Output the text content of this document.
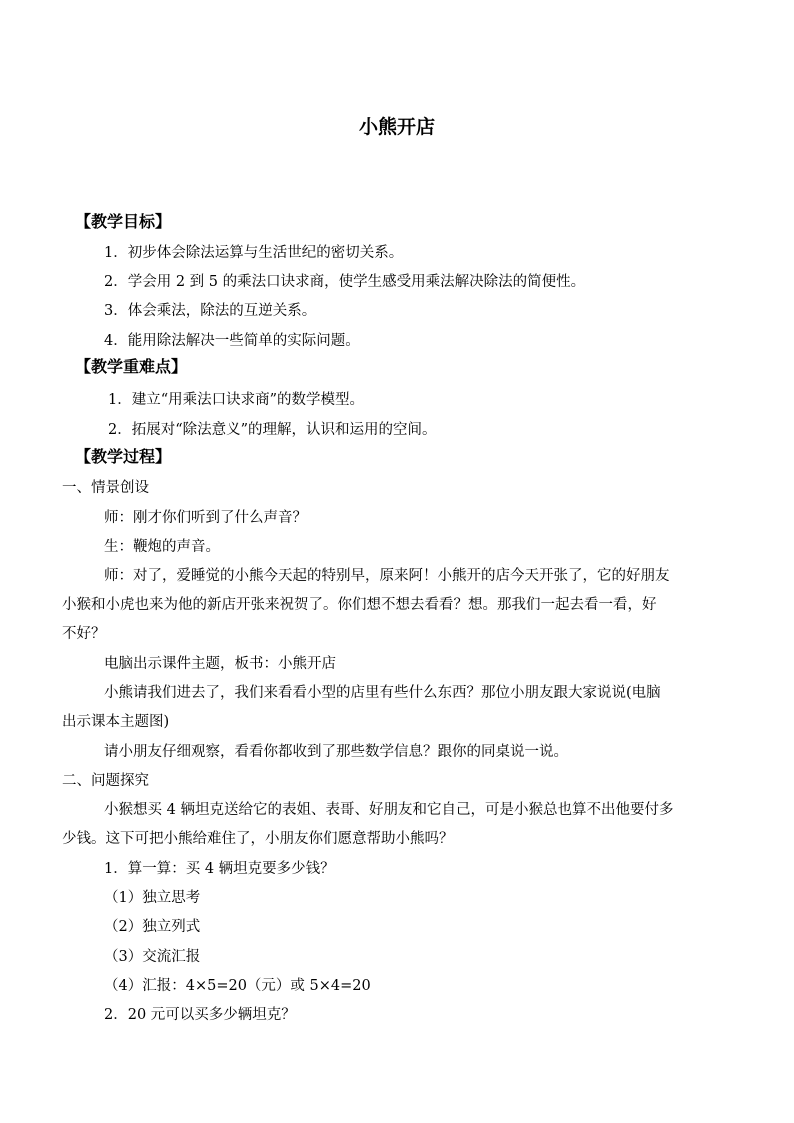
小熊开店
【教学目标】
1．初步体会除法运算与生活世纪的密切关系。
2．学会用 2 到 5 的乘法口诀求商，使学生感受用乘法解决除法的简便性。
3．体会乘法，除法的互逆关系。
4．能用除法解决一些简单的实际问题。
【教学重难点】
1．建立“用乘法口诀求商”的数学模型。
2．拓展对“除法意义”的理解，认识和运用的空间。
【教学过程】
一、情景创设
师：刚才你们听到了什么声音？
生：鞭炮的声音。
师：对了，爱睡觉的小熊今天起的特别早，原来阿！小熊开的店今天开张了，它的好朋友
小猴和小虎也来为他的新店开张来祝贺了。你们想不想去看看？想。那我们一起去看一看，好
不好？
电脑出示课件主题，板书：小熊开店
小熊请我们进去了，我们来看看小型的店里有些什么东西？那位小朋友跟大家说说(电脑
出示课本主题图)
请小朋友仔细观察，看看你都收到了那些数学信息？跟你的同桌说一说。
二、问题探究
小猴想买 4 辆坦克送给它的表姐、表哥、好朋友和它自己，可是小猴总也算不出他要付多
少钱。这下可把小熊给难住了，小朋友你们愿意帮助小熊吗？
1．算一算：买 4 辆坦克要多少钱？
（1）独立思考
（2）独立列式
（3）交流汇报
（4）汇报：4×5=20（元）或 5×4=20
2．20 元可以买多少辆坦克？
